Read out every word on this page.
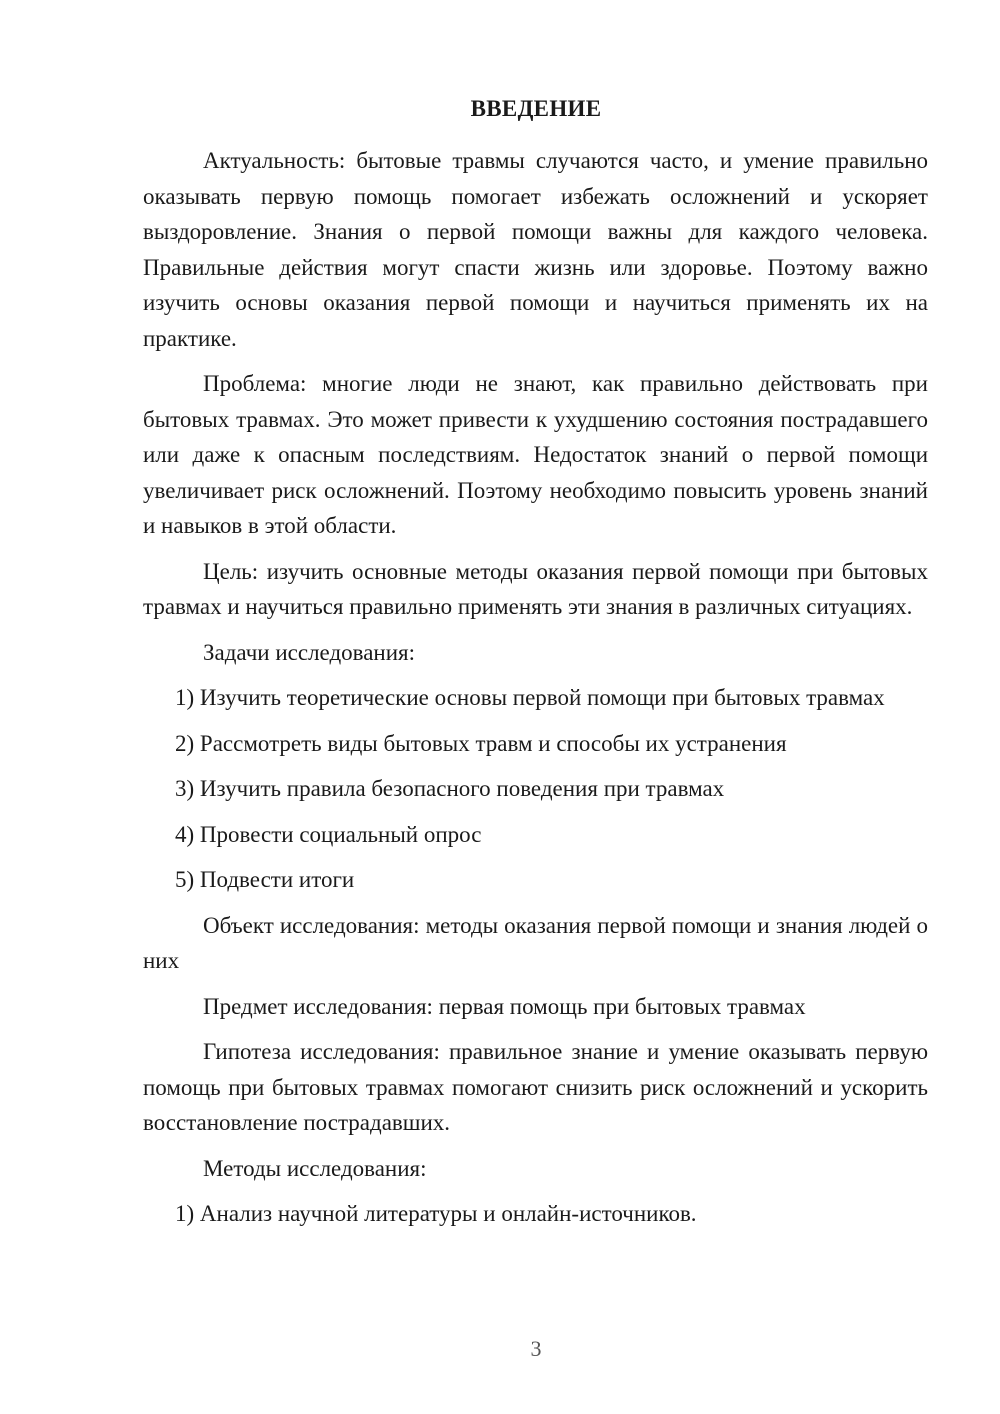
ВВЕДЕНИЕ

Актуальность: бытовые травмы случаются часто, и умение правильно оказывать первую помощь помогает избежать осложнений и ускоряет выздоровление. Знания о первой помощи важны для каждого человека. Правильные действия могут спасти жизнь или здоровье. Поэтому важно изучить основы оказания первой помощи и научиться применять их на практике.

Проблема: многие люди не знают, как правильно действовать при бытовых травмах. Это может привести к ухудшению состояния пострадавшего или даже к опасным последствиям. Недостаток знаний о первой помощи увеличивает риск осложнений. Поэтому необходимо повысить уровень знаний и навыков в этой области.

Цель: изучить основные методы оказания первой помощи при бытовых травмах и научиться правильно применять эти знания в различных ситуациях.

Задачи исследования:

1) Изучить теоретические основы первой помощи при бытовых травмах

2) Рассмотреть виды бытовых травм и способы их устранения

3) Изучить правила безопасного поведения при травмах

4) Провести социальный опрос

5) Подвести итоги

Объект исследования: методы оказания первой помощи и знания людей о них

Предмет исследования: первая помощь при бытовых травмах

Гипотеза исследования: правильное знание и умение оказывать первую помощь при бытовых травмах помогают снизить риск осложнений и ускорить восстановление пострадавших.

Методы исследования:

1) Анализ научной литературы и онлайн-источников.

3
